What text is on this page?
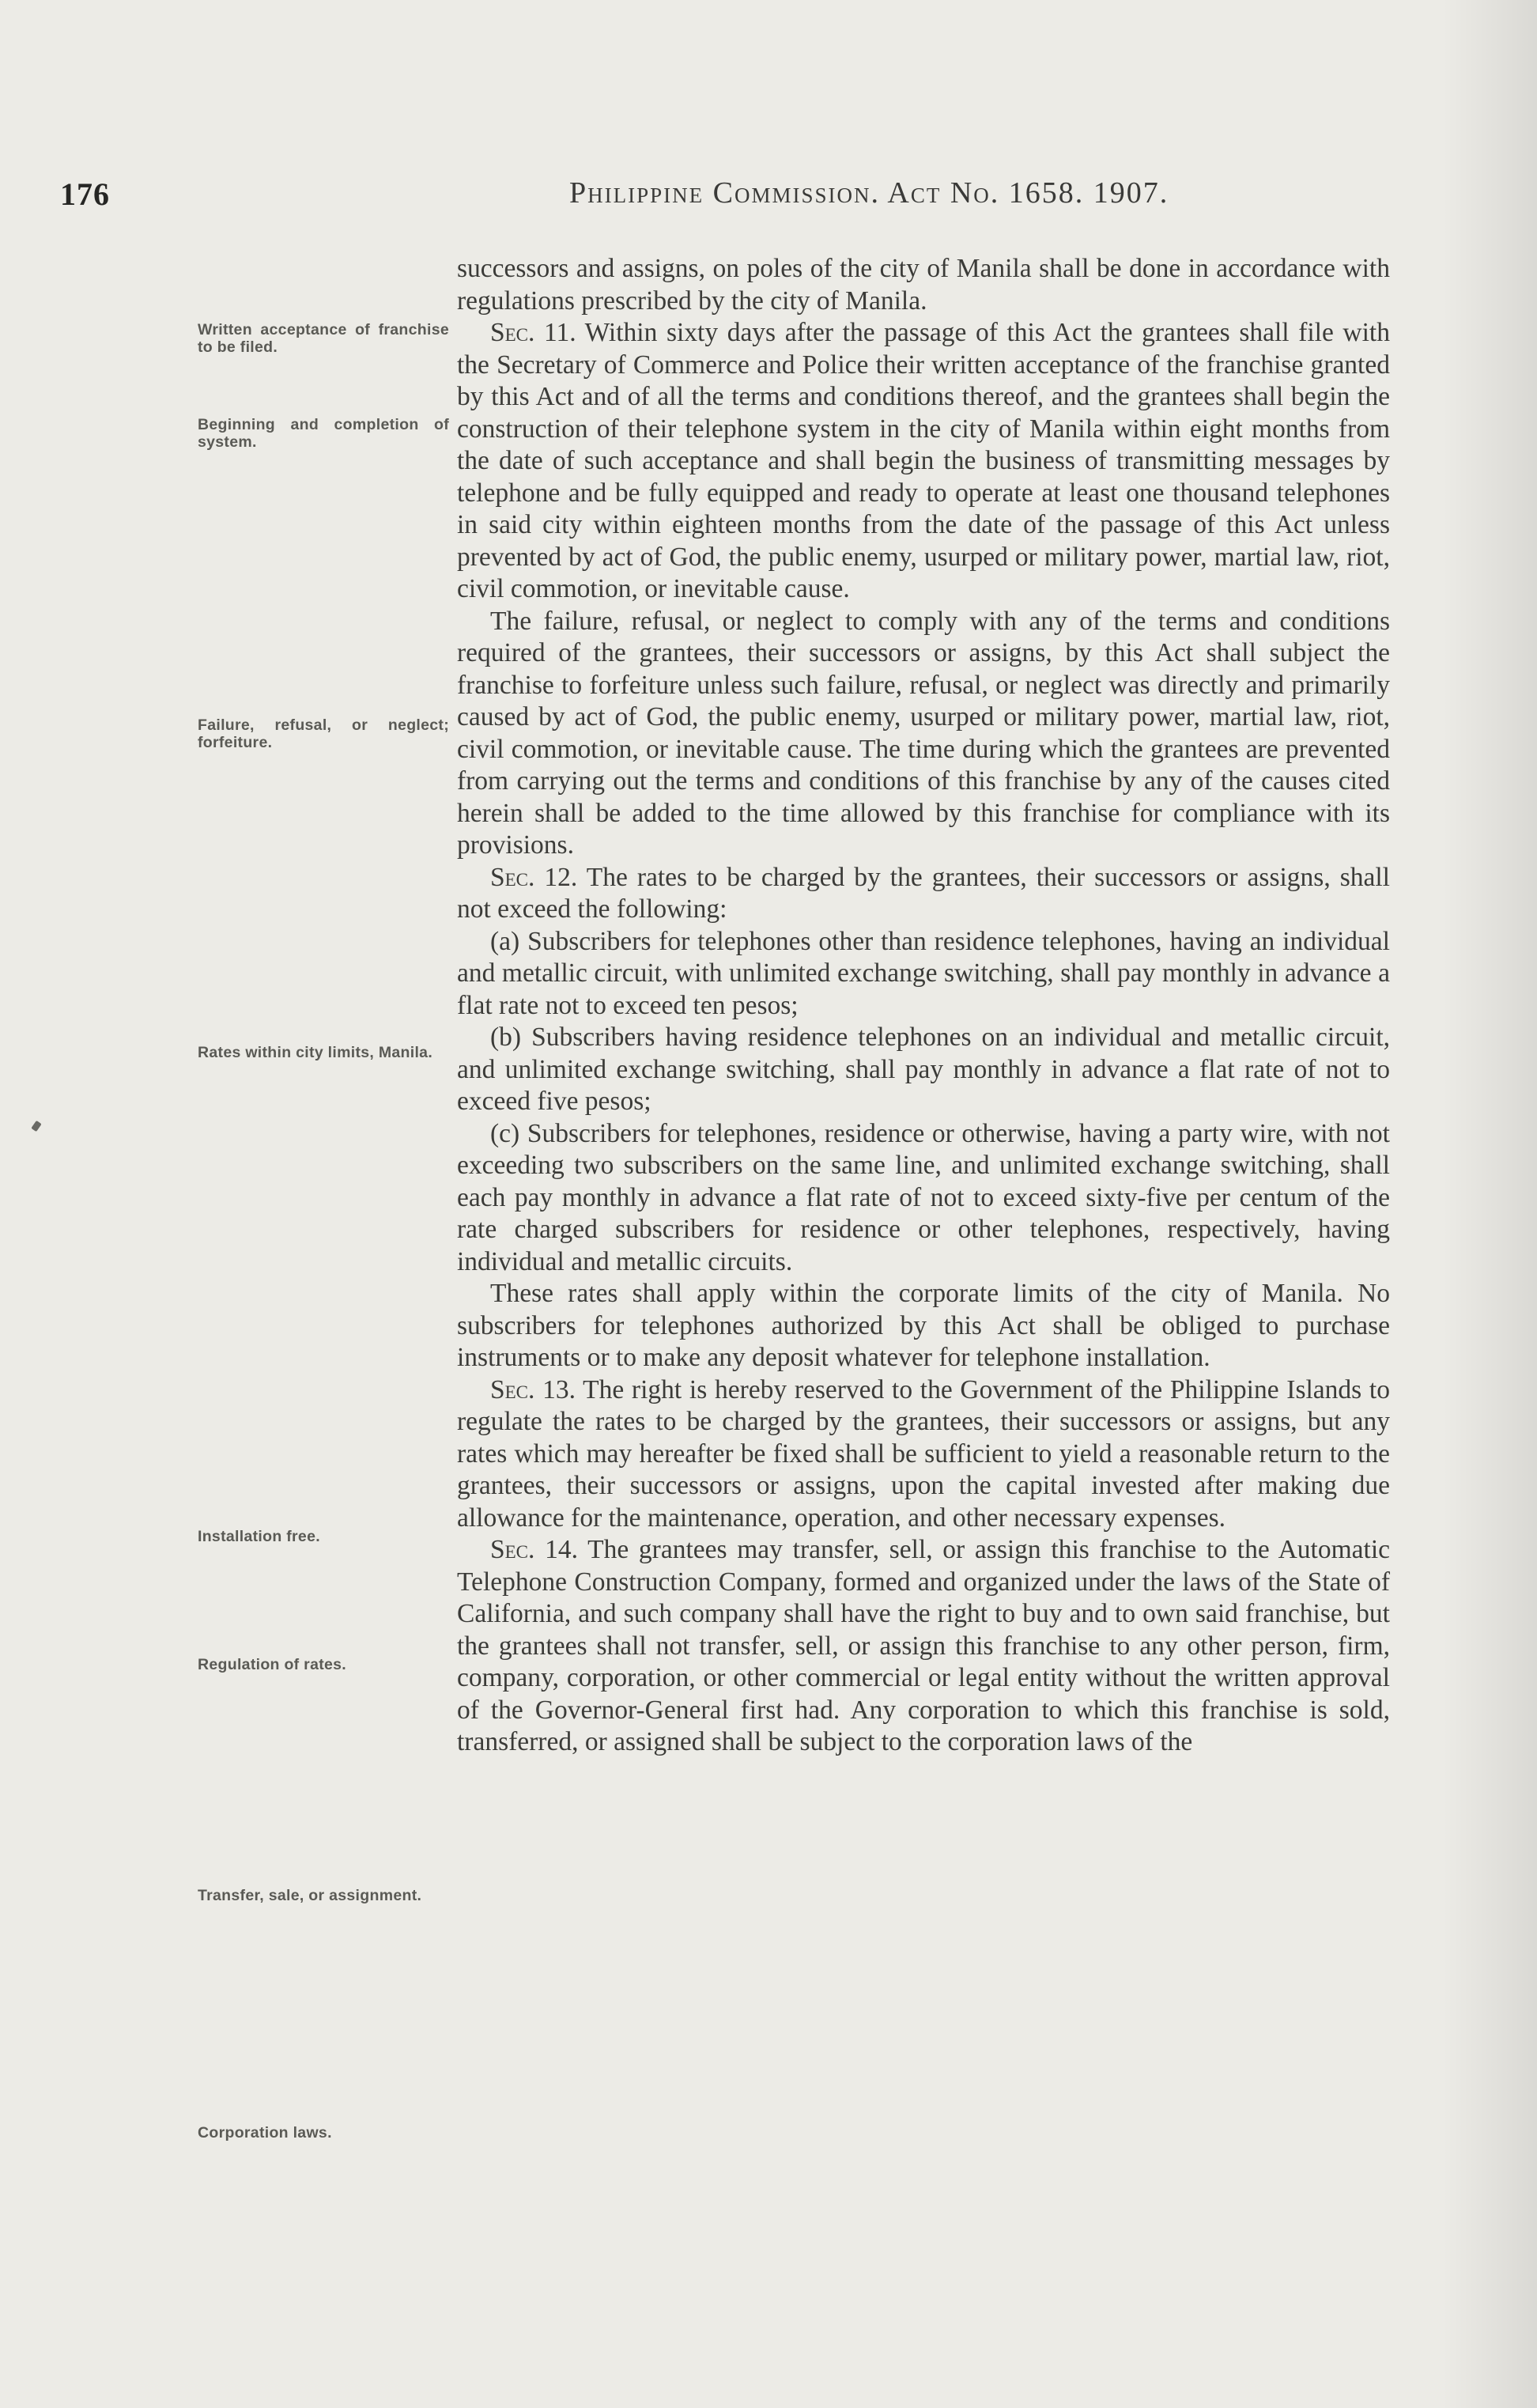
176	Philippine Commission. Act No. 1658. 1907.
Written acceptance of franchise to be filed.
Beginning and completion of system.
Failure, refusal, or neglect; forfeiture.
Rates within city limits, Manila.
Installation free.
Regulation of rates.
Transfer, sale, or assignment.
Corporation laws.

successors and assigns, on poles of the city of Manila shall be done in accordance with regulations prescribed by the city of Manila.

Sec. 11. Within sixty days after the passage of this Act the grantees shall file with the Secretary of Commerce and Police their written acceptance of the franchise granted by this Act and of all the terms and conditions thereof, and the grantees shall begin the construction of their telephone system in the city of Manila within eight months from the date of such acceptance and shall begin the business of transmitting messages by telephone and be fully equipped and ready to operate at least one thousand telephones in said city within eighteen months from the date of the passage of this Act unless prevented by act of God, the public enemy, usurped or military power, martial law, riot, civil commotion, or inevitable cause.

The failure, refusal, or neglect to comply with any of the terms and conditions required of the grantees, their successors or assigns, by this Act shall subject the franchise to forfeiture unless such failure, refusal, or neglect was directly and primarily caused by act of God, the public enemy, usurped or military power, martial law, riot, civil commotion, or inevitable cause. The time during which the grantees are prevented from carrying out the terms and conditions of this franchise by any of the causes cited herein shall be added to the time allowed by this franchise for compliance with its provisions.

Sec. 12. The rates to be charged by the grantees, their successors or assigns, shall not exceed the following:

(a) Subscribers for telephones other than residence telephones, having an individual and metallic circuit, with unlimited exchange switching, shall pay monthly in advance a flat rate not to exceed ten pesos;

(b) Subscribers having residence telephones on an individual and metallic circuit, and unlimited exchange switching, shall pay monthly in advance a flat rate of not to exceed five pesos;

(c) Subscribers for telephones, residence or otherwise, having a party wire, with not exceeding two subscribers on the same line, and unlimited exchange switching, shall each pay monthly in advance a flat rate of not to exceed sixty-five per centum of the rate charged subscribers for residence or other telephones, respectively, having individual and metallic circuits.

These rates shall apply within the corporate limits of the city of Manila. No subscribers for telephones authorized by this Act shall be obliged to purchase instruments or to make any deposit whatever for telephone installation.

Sec. 13. The right is hereby reserved to the Government of the Philippine Islands to regulate the rates to be charged by the grantees, their successors or assigns, but any rates which may hereafter be fixed shall be sufficient to yield a reasonable return to the grantees, their successors or assigns, upon the capital invested after making due allowance for the maintenance, operation, and other necessary expenses.

Sec. 14. The grantees may transfer, sell, or assign this franchise to the Automatic Telephone Construction Company, formed and organized under the laws of the State of California, and such company shall have the right to buy and to own said franchise, but the grantees shall not transfer, sell, or assign this franchise to any other person, firm, company, corporation, or other commercial or legal entity without the written approval of the Governor-General first had. Any corporation to which this franchise is sold, transferred, or assigned shall be subject to the corporation laws of the
